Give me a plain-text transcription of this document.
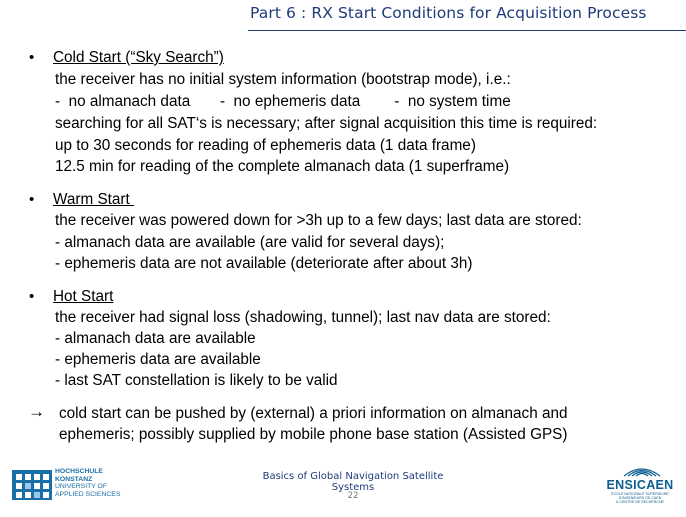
Part 6 : RX Start Conditions for Acquisition Process
• Cold Start (“Sky Search”)
the receiver has no initial system information (bootstrap mode), i.e.:
-  no almanach data       -  no ephemeris data        -  no system time
searching for all SAT‘s is necessary; after signal acquisition this time is required:
up to 30 seconds for reading of ephemeris data (1 data frame)
12.5 min for reading of the complete almanach data (1 superframe)
• Warm Start
the receiver was powered down for >3h up to a few days; last data are stored:
- almanach data are available (are valid for several days);
- ephemeris data are not available (deteriorate after about 3h)
• Hot Start
the receiver had signal loss (shadowing, tunnel); last nav data are stored:
- almanach data are available
- ephemeris data are available
- last SAT constellation is likely to be valid
→ cold start can be pushed by (external) a priori information on almanach and
ephemeris; possibly supplied by mobile phone base station (Assisted GPS)
HOCHSCHULE
KONSTANZ
UNIVERSITY OF
APPLIED SCIENCES
Basics of Global Navigation Satellite Systems
22
ENSICAEN
ÉCOLE NATIONALE SUPÉRIEURE D'INGÉNIEURS DE CAEN
& CENTRE DE RECHERCHE
